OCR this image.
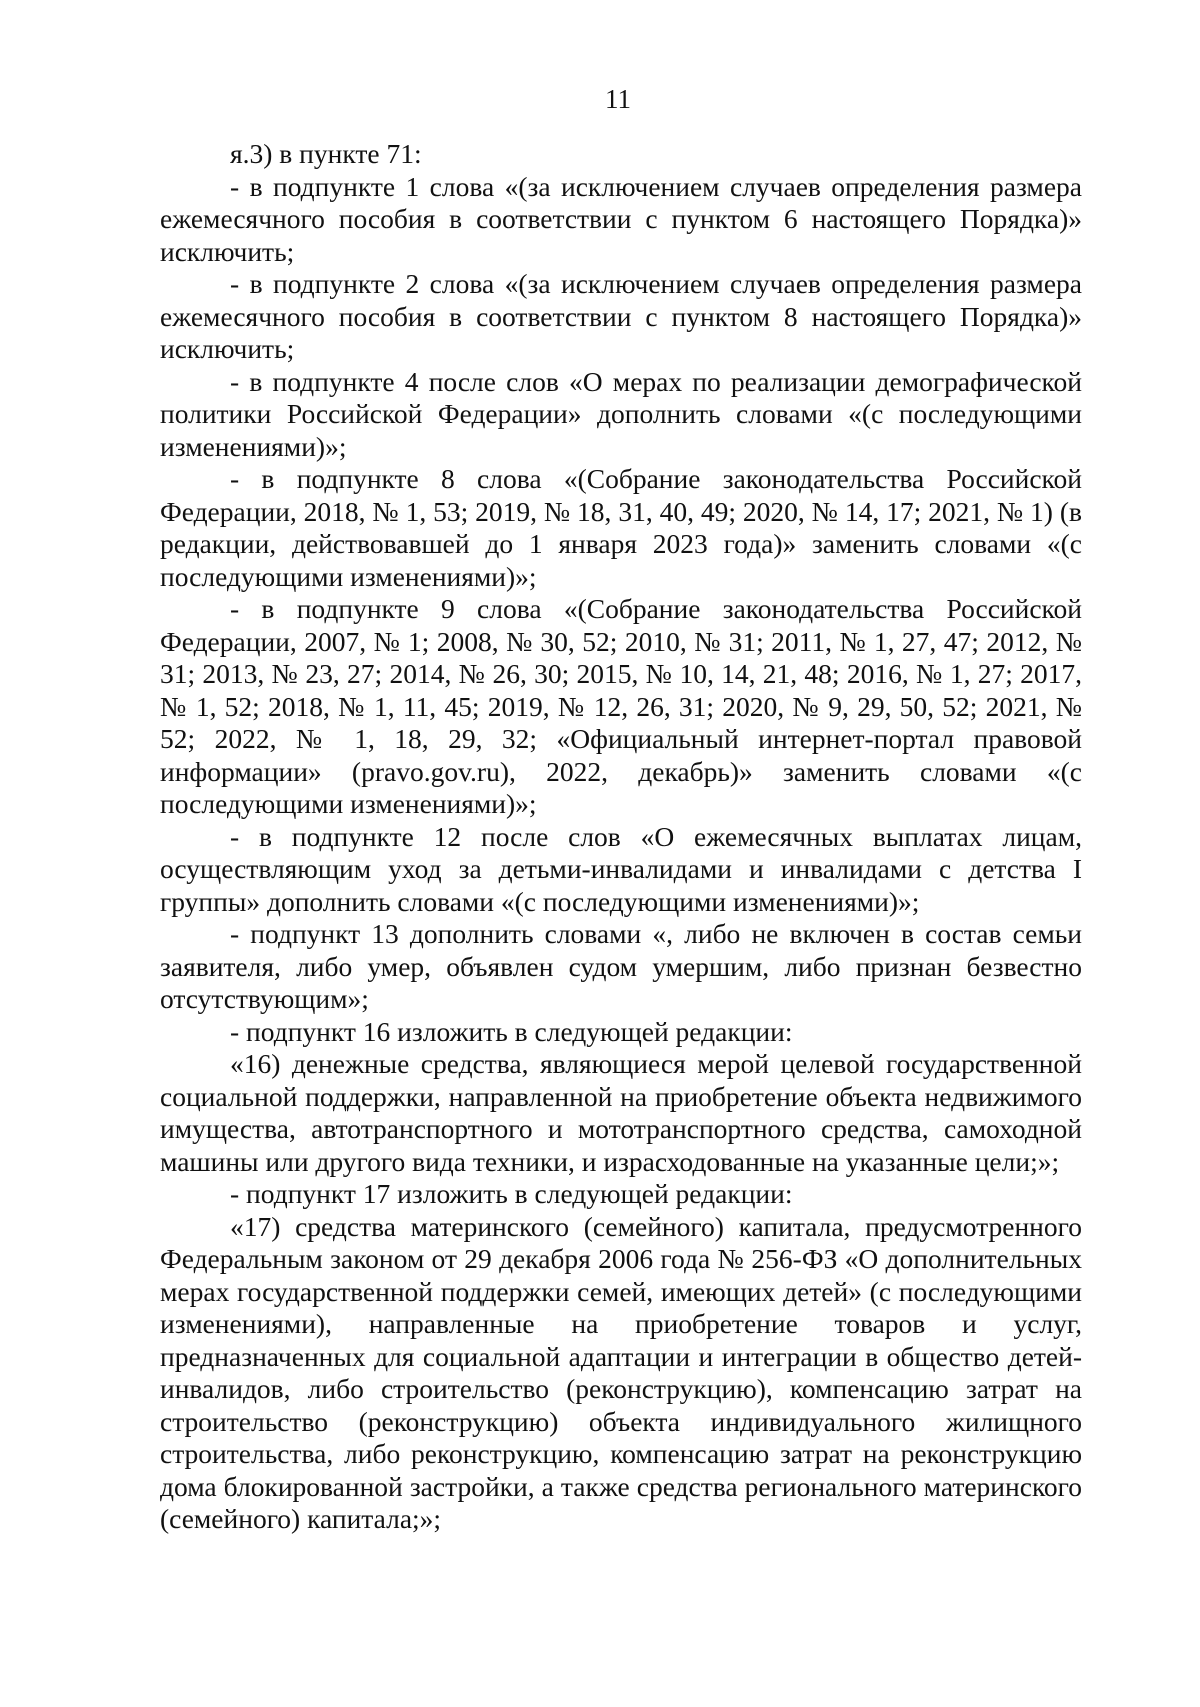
11

я.3) в пункте 71:

- в подпункте 1 слова «(за исключением случаев определения размера ежемесячного пособия в соответствии с пунктом 6 настоящего Порядка)» исключить;

- в подпункте 2 слова «(за исключением случаев определения размера ежемесячного пособия в соответствии с пунктом 8 настоящего Порядка)» исключить;

- в подпункте 4 после слов «О мерах по реализации демографической политики Российской Федерации» дополнить словами «(с последующими изменениями)»;

- в подпункте 8 слова «(Собрание законодательства Российской Федерации, 2018, № 1, 53; 2019, № 18, 31, 40, 49; 2020, № 14, 17; 2021, № 1) (в редакции, действовавшей до 1 января 2023 года)» заменить словами «(с последующими изменениями)»;

- в подпункте 9 слова «(Собрание законодательства Российской Федерации, 2007, № 1; 2008, № 30, 52; 2010, № 31; 2011, № 1, 27, 47; 2012, № 31; 2013, № 23, 27; 2014, № 26, 30; 2015, № 10, 14, 21, 48; 2016, № 1, 27; 2017, № 1, 52; 2018, № 1, 11, 45; 2019, № 12, 26, 31; 2020, № 9, 29, 50, 52; 2021, № 52; 2022, № 1, 18, 29, 32; «Официальный интернет-портал правовой информации» (pravo.gov.ru), 2022, декабрь)» заменить словами «(с последующими изменениями)»;

- в подпункте 12 после слов «О ежемесячных выплатах лицам, осуществляющим уход за детьми-инвалидами и инвалидами с детства I группы» дополнить словами «(с последующими изменениями)»;

- подпункт 13 дополнить словами «, либо не включен в состав семьи заявителя, либо умер, объявлен судом умершим, либо признан безвестно отсутствующим»;

- подпункт 16 изложить в следующей редакции:

«16) денежные средства, являющиеся мерой целевой государственной социальной поддержки, направленной на приобретение объекта недвижимого имущества, автотранспортного и мототранспортного средства, самоходной машины или другого вида техники, и израсходованные на указанные цели;»;

- подпункт 17 изложить в следующей редакции:

«17) средства материнского (семейного) капитала, предусмотренного Федеральным законом от 29 декабря 2006 года № 256-ФЗ «О дополнительных мерах государственной поддержки семей, имеющих детей» (с последующими изменениями), направленные на приобретение товаров и услуг, предназначенных для социальной адаптации и интеграции в общество детей-инвалидов, либо строительство (реконструкцию), компенсацию затрат на строительство (реконструкцию) объекта индивидуального жилищного строительства, либо реконструкцию, компенсацию затрат на реконструкцию дома блокированной застройки, а также средства регионального материнского (семейного) капитала;»;
